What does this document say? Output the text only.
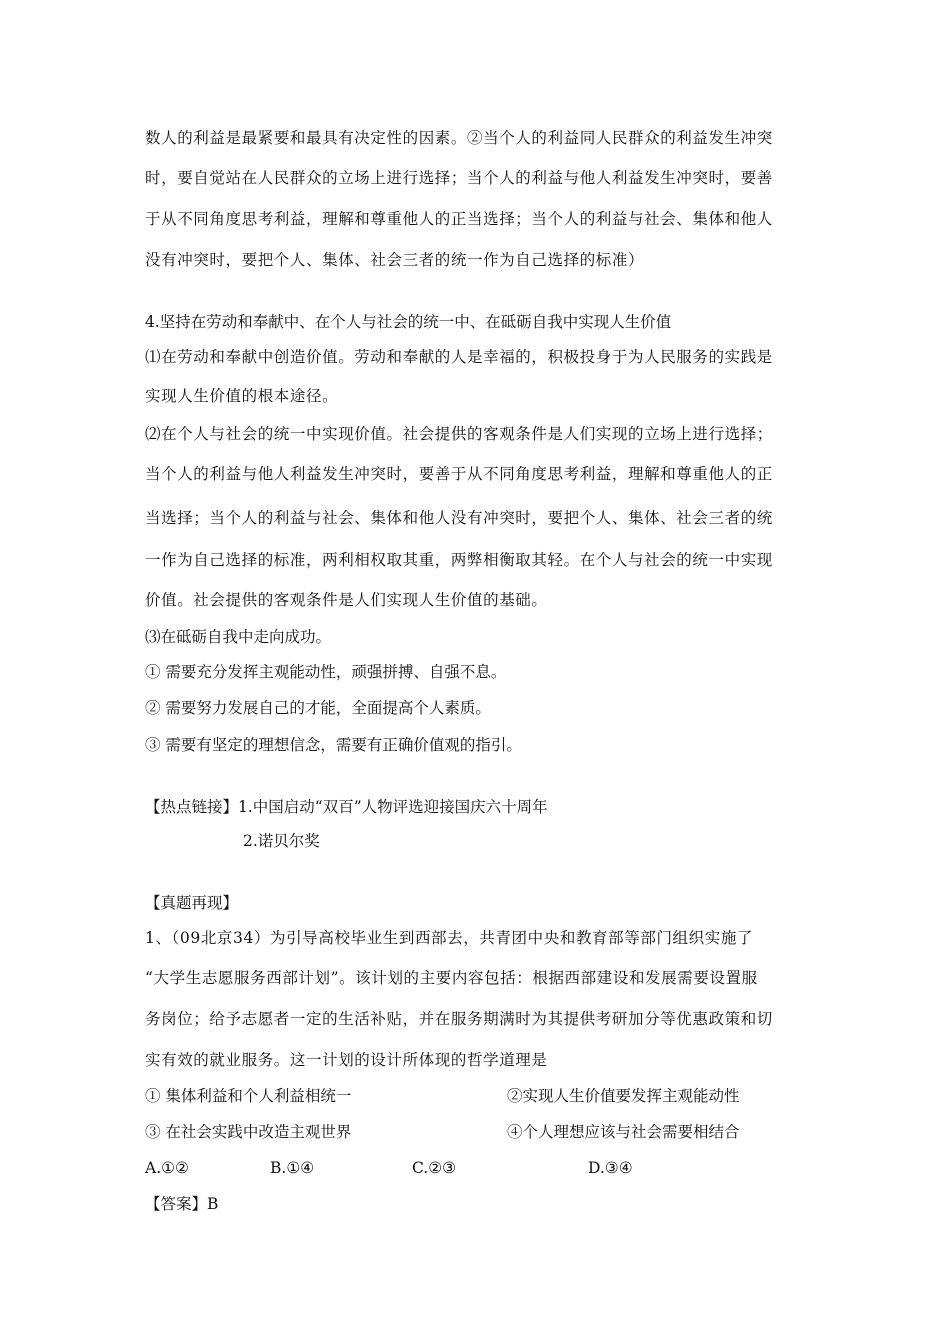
数人的利益是最紧要和最具有决定性的因素。②当个人的利益同人民群众的利益发生冲突
时，要自觉站在人民群众的立场上进行选择；当个人的利益与他人利益发生冲突时，要善
于从不同角度思考利益，理解和尊重他人的正当选择；当个人的利益与社会、集体和他人
没有冲突时，要把个人、集体、社会三者的统一作为自己选择的标准）
4.坚持在劳动和奉献中、在个人与社会的统一中、在砥砺自我中实现人生价值
⑴在劳动和奉献中创造价值。劳动和奉献的人是幸福的，积极投身于为人民服务的实践是
实现人生价值的根本途径。
⑵在个人与社会的统一中实现价值。社会提供的客观条件是人们实现的立场上进行选择；
当个人的利益与他人利益发生冲突时，要善于从不同角度思考利益，理解和尊重他人的正
当选择；当个人的利益与社会、集体和他人没有冲突时，要把个人、集体、社会三者的统
一作为自己选择的标准，两利相权取其重，两弊相衡取其轻。在个人与社会的统一中实现
价值。社会提供的客观条件是人们实现人生价值的基础。
⑶在砥砺自我中走向成功。
① 需要充分发挥主观能动性，顽强拼搏、自强不息。
② 需要努力发展自己的才能，全面提高个人素质。
③ 需要有坚定的理想信念，需要有正确价值观的指引。
【热点链接】1.中国启动“双百”人物评选迎接国庆六十周年
2.诺贝尔奖
【真题再现】
1、（09北京34）为引导高校毕业生到西部去，共青团中央和教育部等部门组织实施了
“大学生志愿服务西部计划”。该计划的主要内容包括：根据西部建设和发展需要设置服
务岗位；给予志愿者一定的生活补贴，并在服务期满时为其提供考研加分等优惠政策和切
实有效的就业服务。这一计划的设计所体现的哲学道理是
① 集体利益和个人利益相统一	②实现人生价值要发挥主观能动性
③ 在社会实践中改造主观世界	④个人理想应该与社会需要相结合
A.①②	B.①④	C.②③	D.③④
【答案】B
